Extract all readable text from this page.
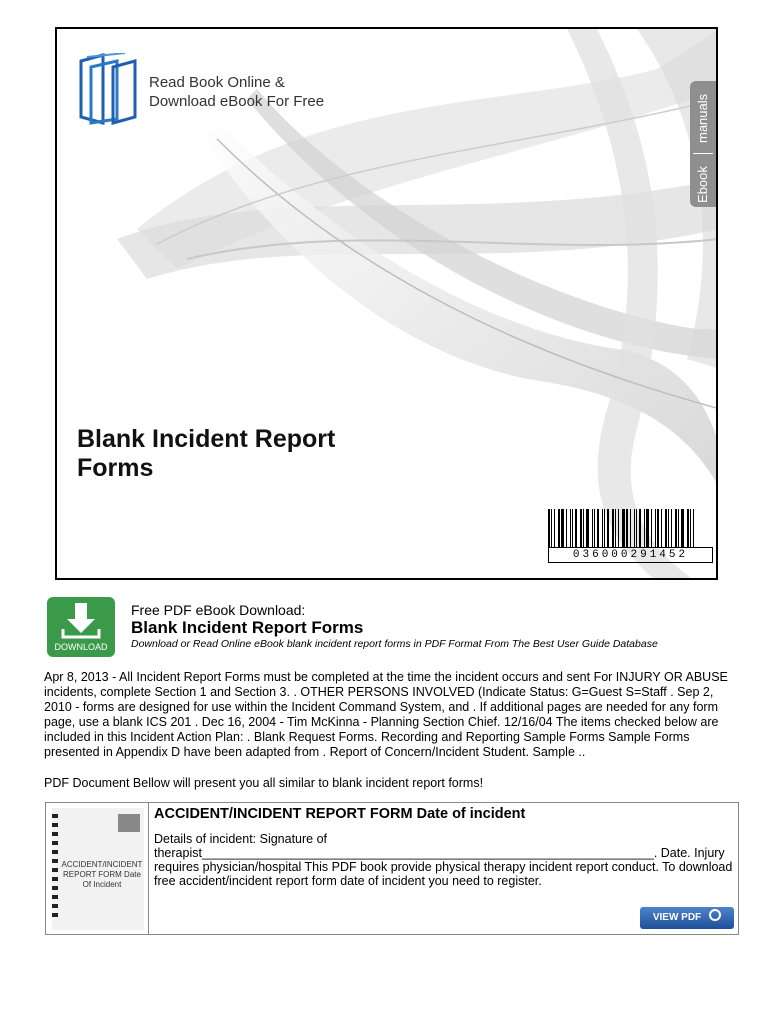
Read Book Online &
Download eBook For Free	manuals
Ebook
Blank Incident Report Forms
036000291452
DOWNLOAD
Free PDF eBook Download:
Blank Incident Report Forms
Download or Read Online eBook blank incident report forms in PDF Format From The Best User Guide Database
Apr 8, 2013 - All Incident Report Forms must be completed at the time the incident occurs and sent For INJURY OR ABUSE incidents, complete Section 1 and Section 3. . OTHER PERSONS INVOLVED (Indicate Status: G=Guest S=Staff . Sep 2, 2010 - forms are designed for use within the Incident Command System, and . If additional pages are needed for any form page, use a blank ICS 201 . Dec 16, 2004 - Tim McKinna - Planning Section Chief. 12/16/04 The items checked below are included in this Incident Action Plan: . Blank Request Forms. Recording and Reporting Sample Forms Sample Forms presented in Appendix D have been adapted from . Report of Concern/Incident Student. Sample ..
PDF Document Bellow will present you all similar to blank incident report forms!
ACCIDENT/INCIDENT REPORT FORM Date Of Incident
ACCIDENT/INCIDENT REPORT FORM Date of incident
Details of incident: Signature of therapist_________________________________________________________________. Date. Injury requires physician/hospital This PDF book provide physical therapy incident report conduct. To download free accident/incident report form date of incident you need to register.
VIEW PDF
